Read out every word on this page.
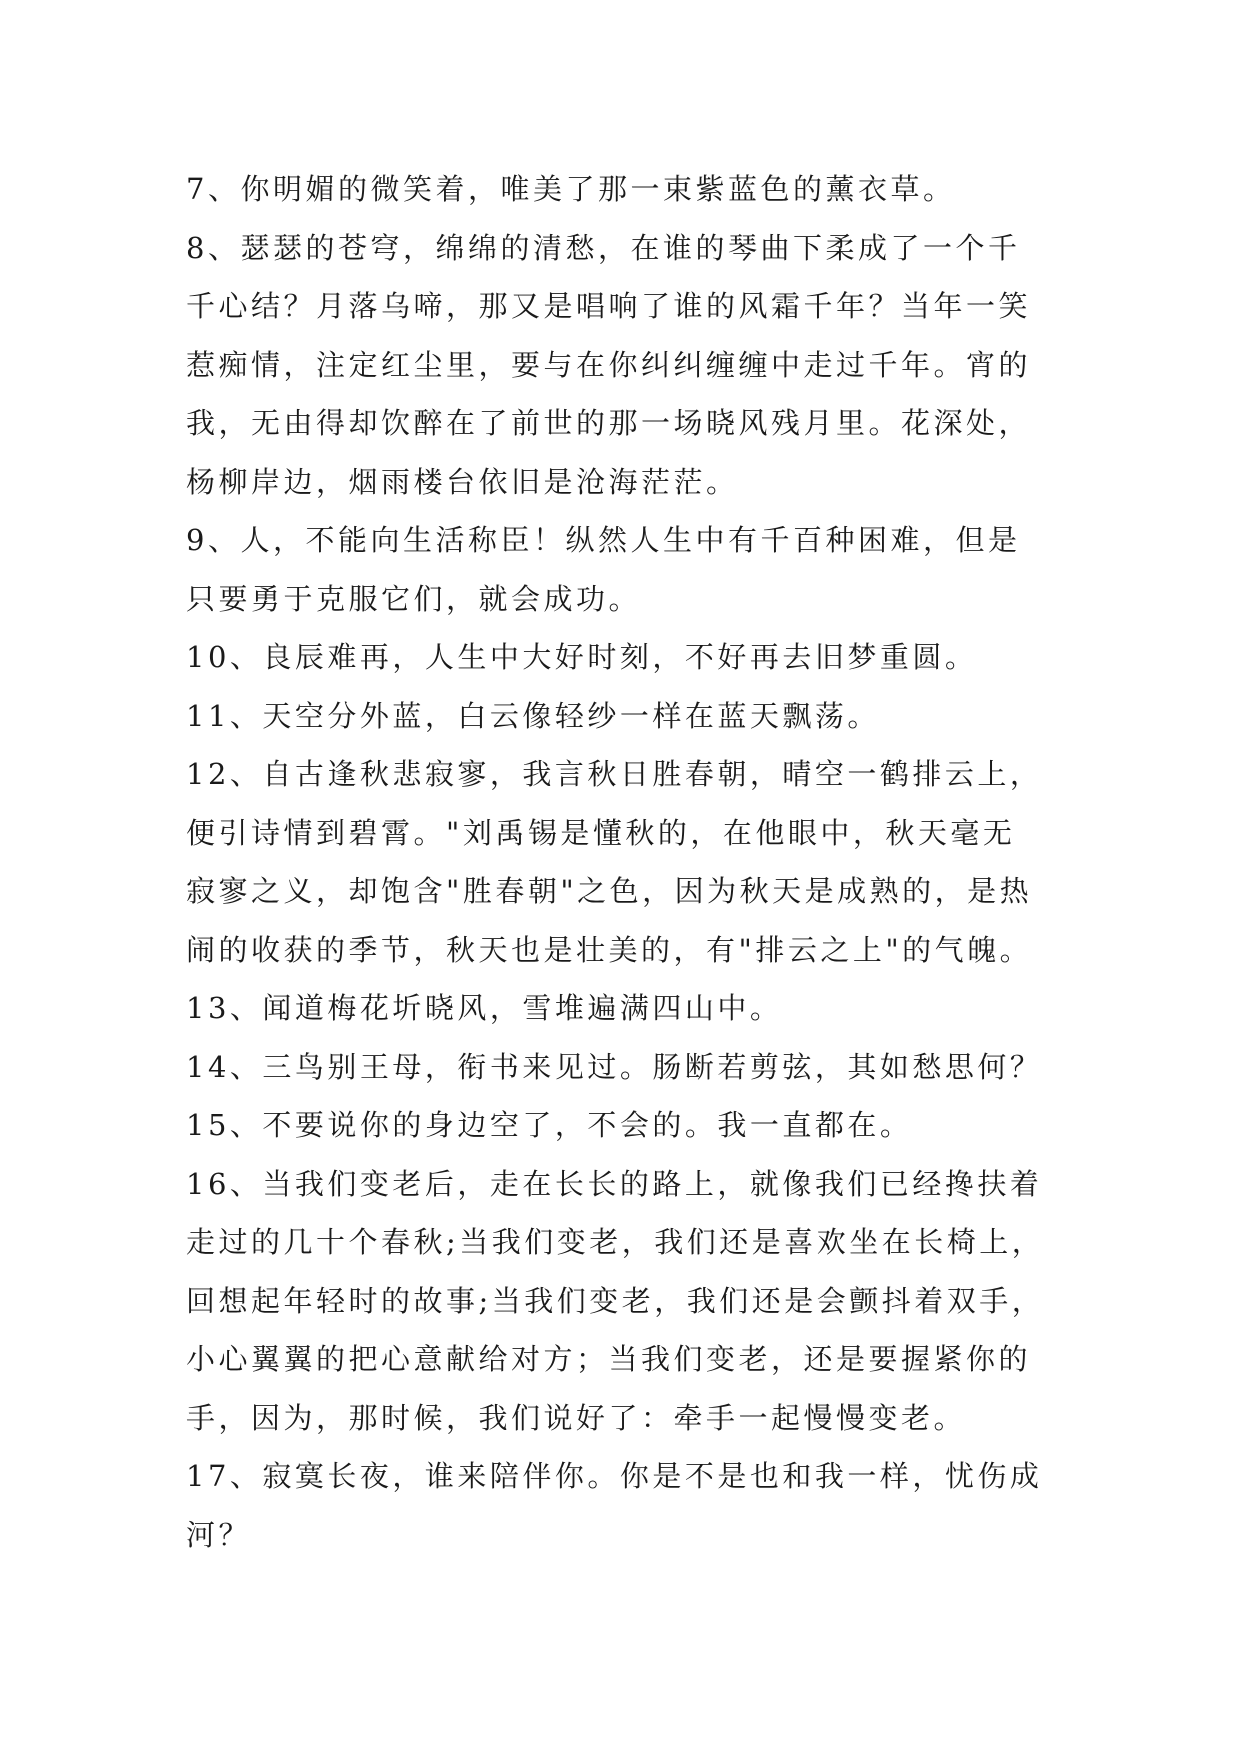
7、你明媚的微笑着，唯美了那一束紫蓝色的薰衣草。

8、瑟瑟的苍穹，绵绵的清愁，在谁的琴曲下柔成了一个千

千心结？月落乌啼，那又是唱响了谁的风霜千年？当年一笑

惹痴情，注定红尘里，要与在你纠纠缠缠中走过千年。宵的

我，无由得却饮醉在了前世的那一场晓风残月里。花深处，

杨柳岸边，烟雨楼台依旧是沧海茫茫。

9、人，不能向生活称臣！纵然人生中有千百种困难，但是

只要勇于克服它们，就会成功。

10、良辰难再，人生中大好时刻，不好再去旧梦重圆。

11、天空分外蓝，白云像轻纱一样在蓝天飘荡。

12、自古逢秋悲寂寥，我言秋日胜春朝，晴空一鹤排云上，

便引诗情到碧霄。"刘禹锡是懂秋的，在他眼中，秋天毫无

寂寥之义，却饱含"胜春朝"之色，因为秋天是成熟的，是热

闹的收获的季节，秋天也是壮美的，有"排云之上"的气魄。

13、闻道梅花圻晓风，雪堆遍满四山中。

14、三鸟别王母，衔书来见过。肠断若剪弦，其如愁思何？

15、不要说你的身边空了，不会的。我一直都在。

16、当我们变老后，走在长长的路上，就像我们已经搀扶着

走过的几十个春秋;当我们变老，我们还是喜欢坐在长椅上，

回想起年轻时的故事;当我们变老，我们还是会颤抖着双手，

小心翼翼的把心意献给对方；当我们变老，还是要握紧你的

手，因为，那时候，我们说好了：牵手一起慢慢变老。

17、寂寞长夜，谁来陪伴你。你是不是也和我一样，忧伤成

河？
